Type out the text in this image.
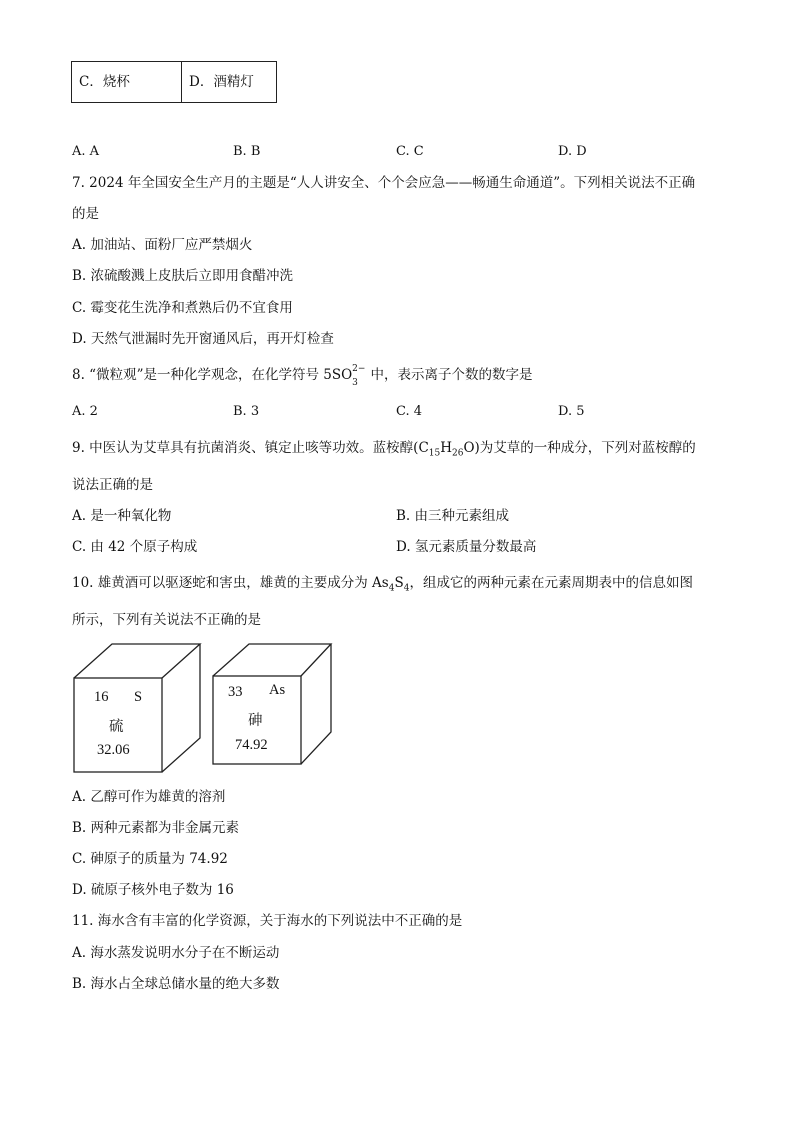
C．烧杯	D．酒精灯
A. A	B. B	C. C	D. D
7. 2024 年全国安全生产月的主题是“人人讲安全、个个会应急——畅通生命通道”。下列相关说法不正确
的是
A. 加油站、面粉厂应严禁烟火
B. 浓硫酸溅上皮肤后立即用食醋冲洗
C. 霉变花生洗净和煮熟后仍不宜食用
D. 天然气泄漏时先开窗通风后，再开灯检查
8. “微粒观”是一种化学观念，在化学符号 5SO 2−
3 中，表示离子个数的数字是
A. 2	B. 3	C. 4	D. 5
9. 中医认为艾草具有抗菌消炎、镇定止咳等功效。蓝桉醇$(C_{15}H_{26}O)$为艾草的一种成分，下列对蓝桉醇的
说法正确的是
A. 是一种氧化物	B. 由三种元素组成
C. 由 42 个原子构成	D. 氢元素质量分数最高
10. 雄黄酒可以驱逐蛇和害虫，雄黄的主要成分为 $As_4S_4$，组成它的两种元素在元素周期表中的信息如图
所示，下列有关说法不正确的是
16 S
硫
32.06
33 As
砷
74.92
A. 乙醇可作为雄黄的溶剂
B. 两种元素都为非金属元素
C. 砷原子的质量为 74.92
D. 硫原子核外电子数为 16
11. 海水含有丰富的化学资源，关于海水的下列说法中不正确的是
A. 海水蒸发说明水分子在不断运动
B. 海水占全球总储水量的绝大多数
